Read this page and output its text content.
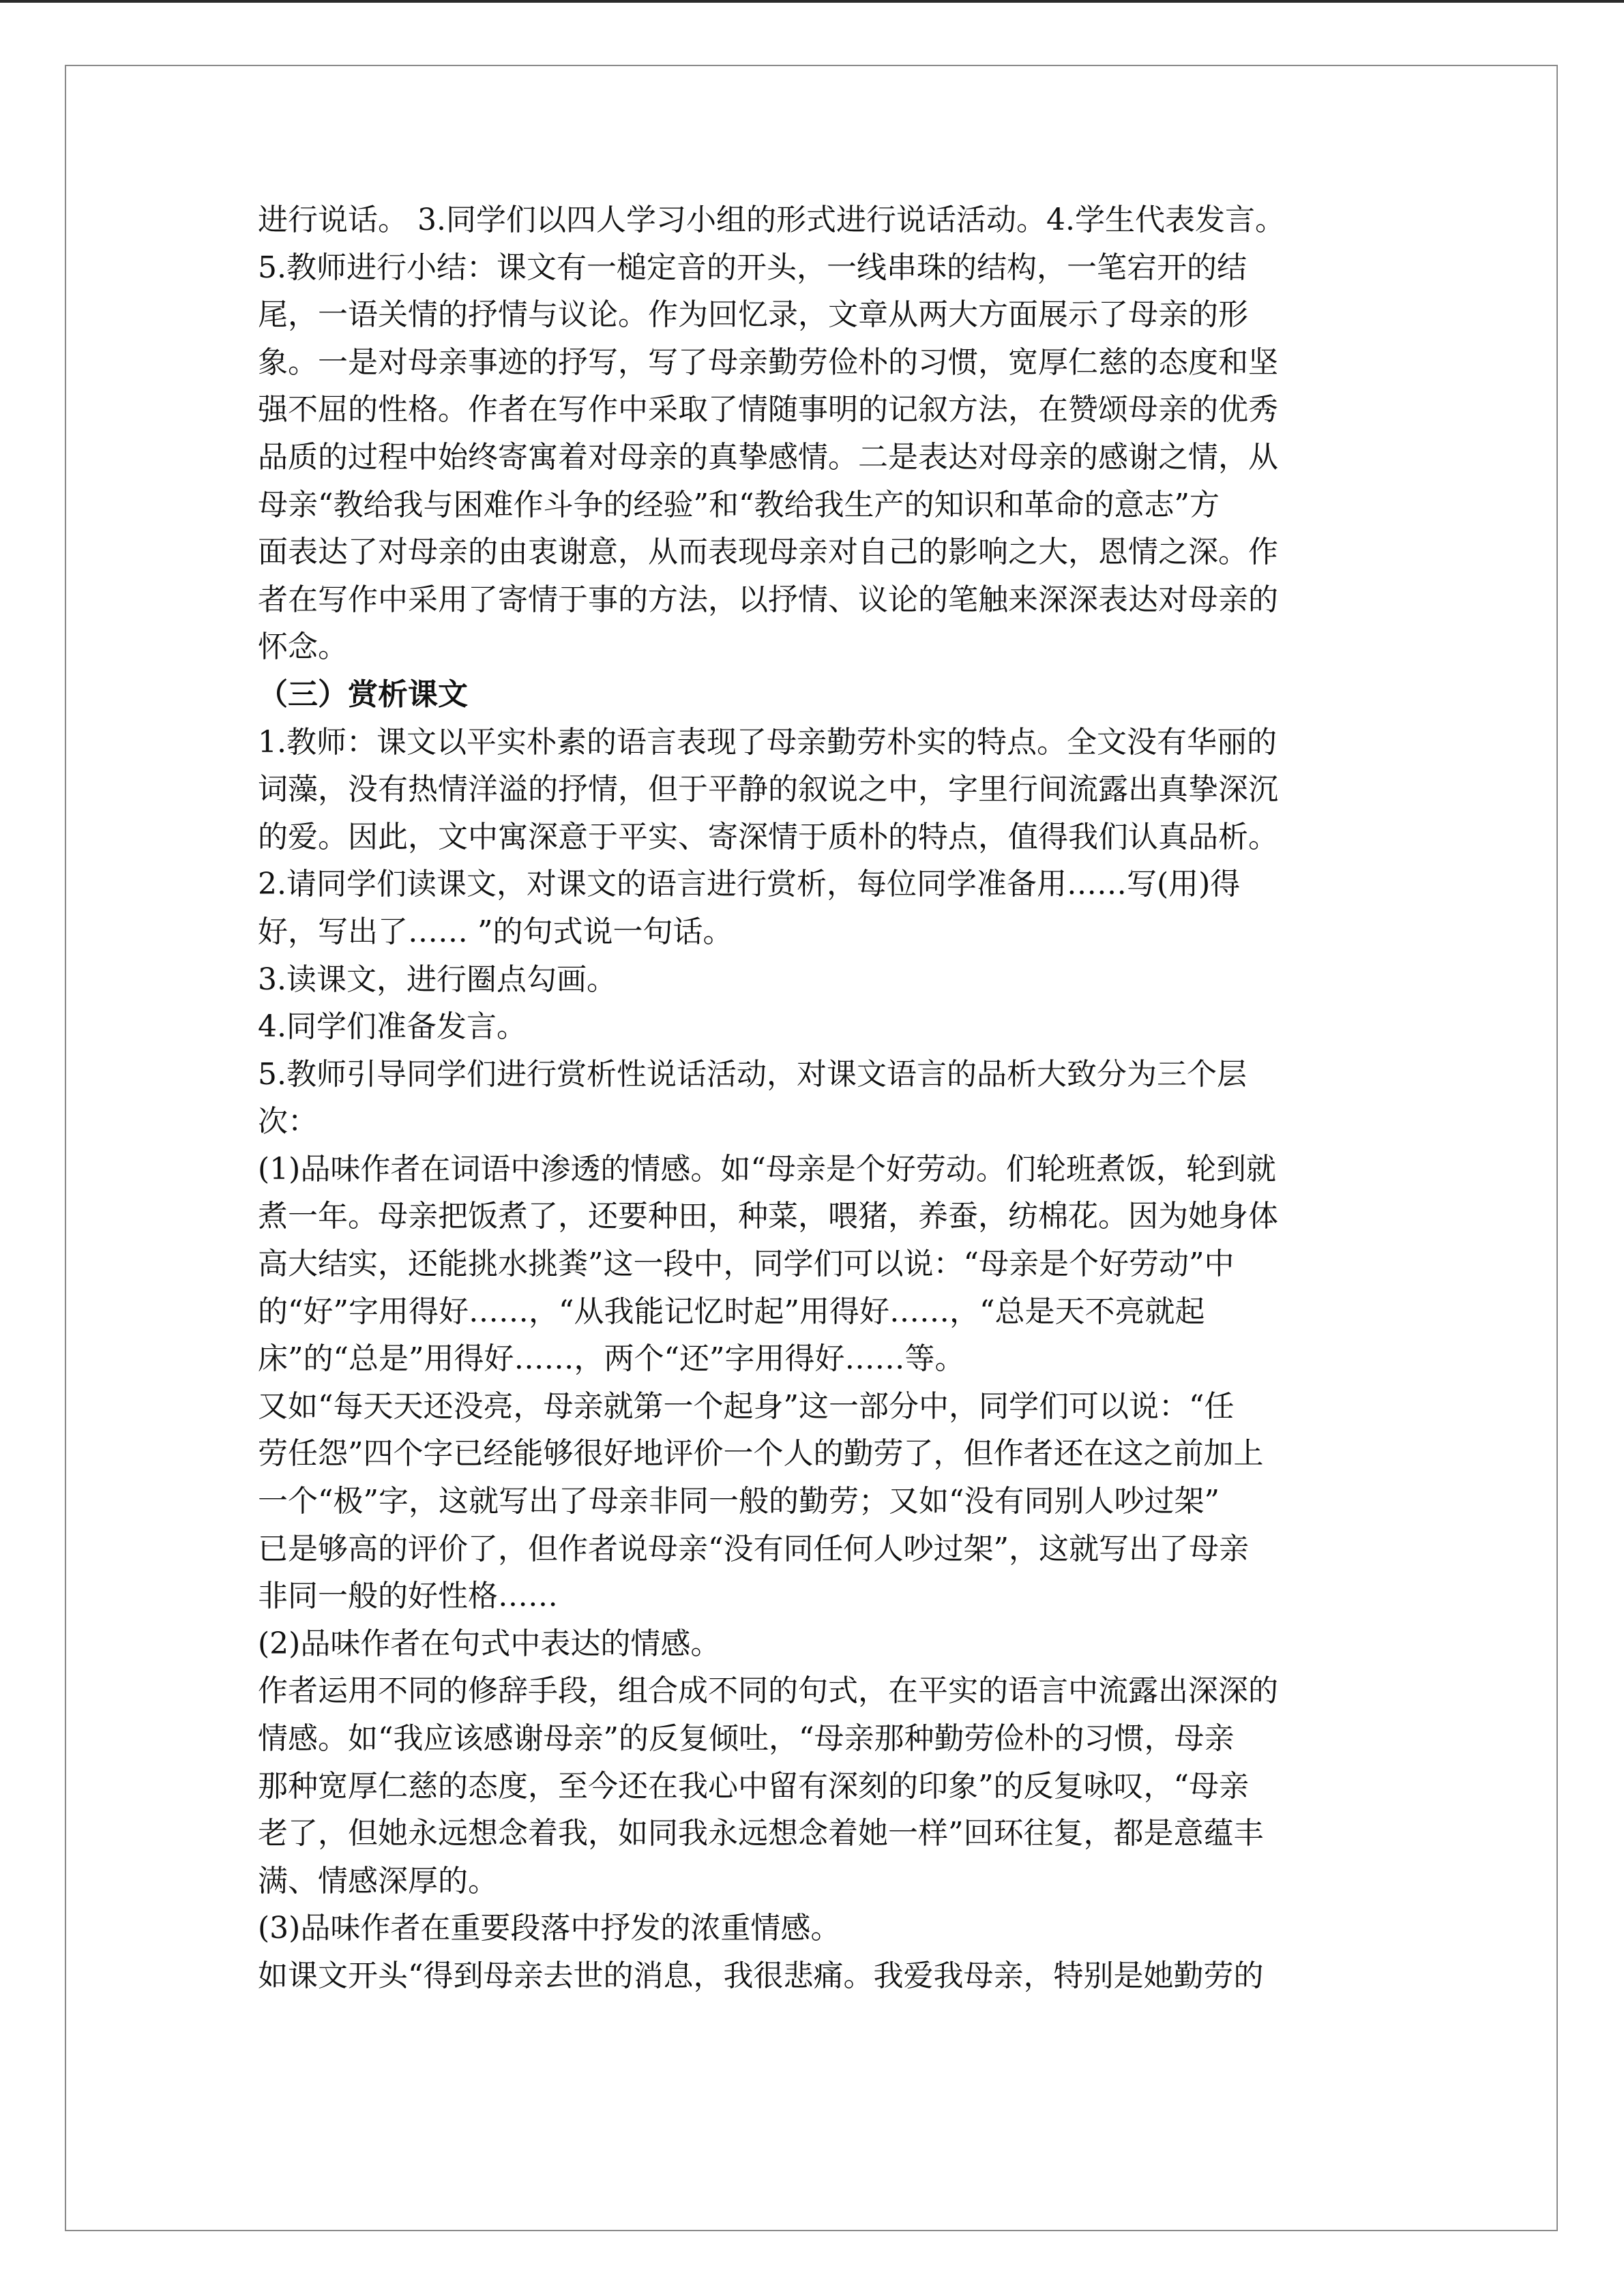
进行说话。 3.同学们以四人学习小组的形式进行说话活动。4.学生代表发言。
5.教师进行小结：课文有一槌定音的开头，一线串珠的结构，一笔宕开的结
尾，一语关情的抒情与议论。作为回忆录，文章从两大方面展示了母亲的形
象。一是对母亲事迹的抒写，写了母亲勤劳俭朴的习惯，宽厚仁慈的态度和坚
强不屈的性格。作者在写作中采取了情随事明的记叙方法，在赞颂母亲的优秀
品质的过程中始终寄寓着对母亲的真挚感情。二是表达对母亲的感谢之情，从
母亲“教给我与困难作斗争的经验”和“教给我生产的知识和革命的意志”方
面表达了对母亲的由衷谢意，从而表现母亲对自己的影响之大，恩情之深。作
者在写作中采用了寄情于事的方法，以抒情、议论的笔触来深深表达对母亲的
怀念。
（三）赏析课文
1.教师：课文以平实朴素的语言表现了母亲勤劳朴实的特点。全文没有华丽的
词藻，没有热情洋溢的抒情，但于平静的叙说之中，字里行间流露出真挚深沉
的爱。因此，文中寓深意于平实、寄深情于质朴的特点，值得我们认真品析。
2.请同学们读课文，对课文的语言进行赏析，每位同学准备用……写(用)得
好，写出了…… ”的句式说一句话。
3.读课文，进行圈点勾画。
4.同学们准备发言。
5.教师引导同学们进行赏析性说话活动，对课文语言的品析大致分为三个层
次：
(1)品味作者在词语中渗透的情感。如“母亲是个好劳动。们轮班煮饭，轮到就
煮一年。母亲把饭煮了，还要种田，种菜，喂猪，养蚕，纺棉花。因为她身体
高大结实，还能挑水挑粪”这一段中，同学们可以说：“母亲是个好劳动”中
的“好”字用得好……，“从我能记忆时起”用得好……，“总是天不亮就起
床”的“总是”用得好……，两个“还”字用得好……等。
又如“每天天还没亮，母亲就第一个起身”这一部分中，同学们可以说：“任
劳任怨”四个字已经能够很好地评价一个人的勤劳了，但作者还在这之前加上
一个“极”字，这就写出了母亲非同一般的勤劳；又如“没有同别人吵过架”
已是够高的评价了，但作者说母亲“没有同任何人吵过架”，这就写出了母亲
非同一般的好性格……
(2)品味作者在句式中表达的情感。
作者运用不同的修辞手段，组合成不同的句式，在平实的语言中流露出深深的
情感。如“我应该感谢母亲”的反复倾吐，“母亲那种勤劳俭朴的习惯，母亲
那种宽厚仁慈的态度，至今还在我心中留有深刻的印象”的反复咏叹，“母亲
老了，但她永远想念着我，如同我永远想念着她一样”回环往复，都是意蕴丰
满、情感深厚的。
(3)品味作者在重要段落中抒发的浓重情感。
如课文开头“得到母亲去世的消息，我很悲痛。我爱我母亲，特别是她勤劳的
